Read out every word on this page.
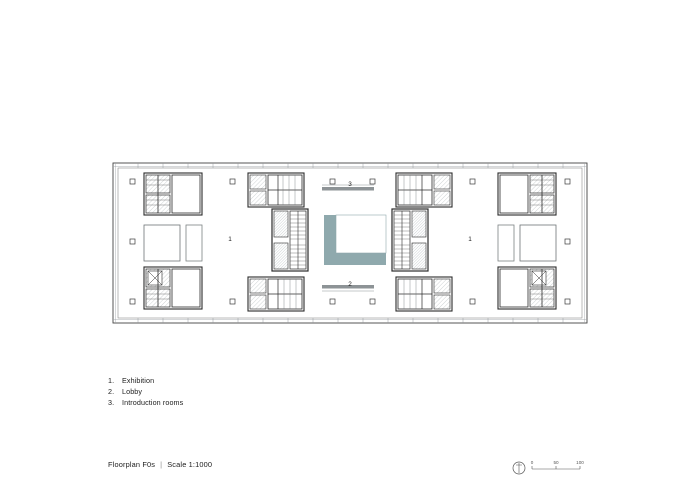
1	1
2
3
1.	Exhibition
2.	Lobby
3.	Introduction rooms
Floorplan F0s | Scale 1:1000	0	50	100
